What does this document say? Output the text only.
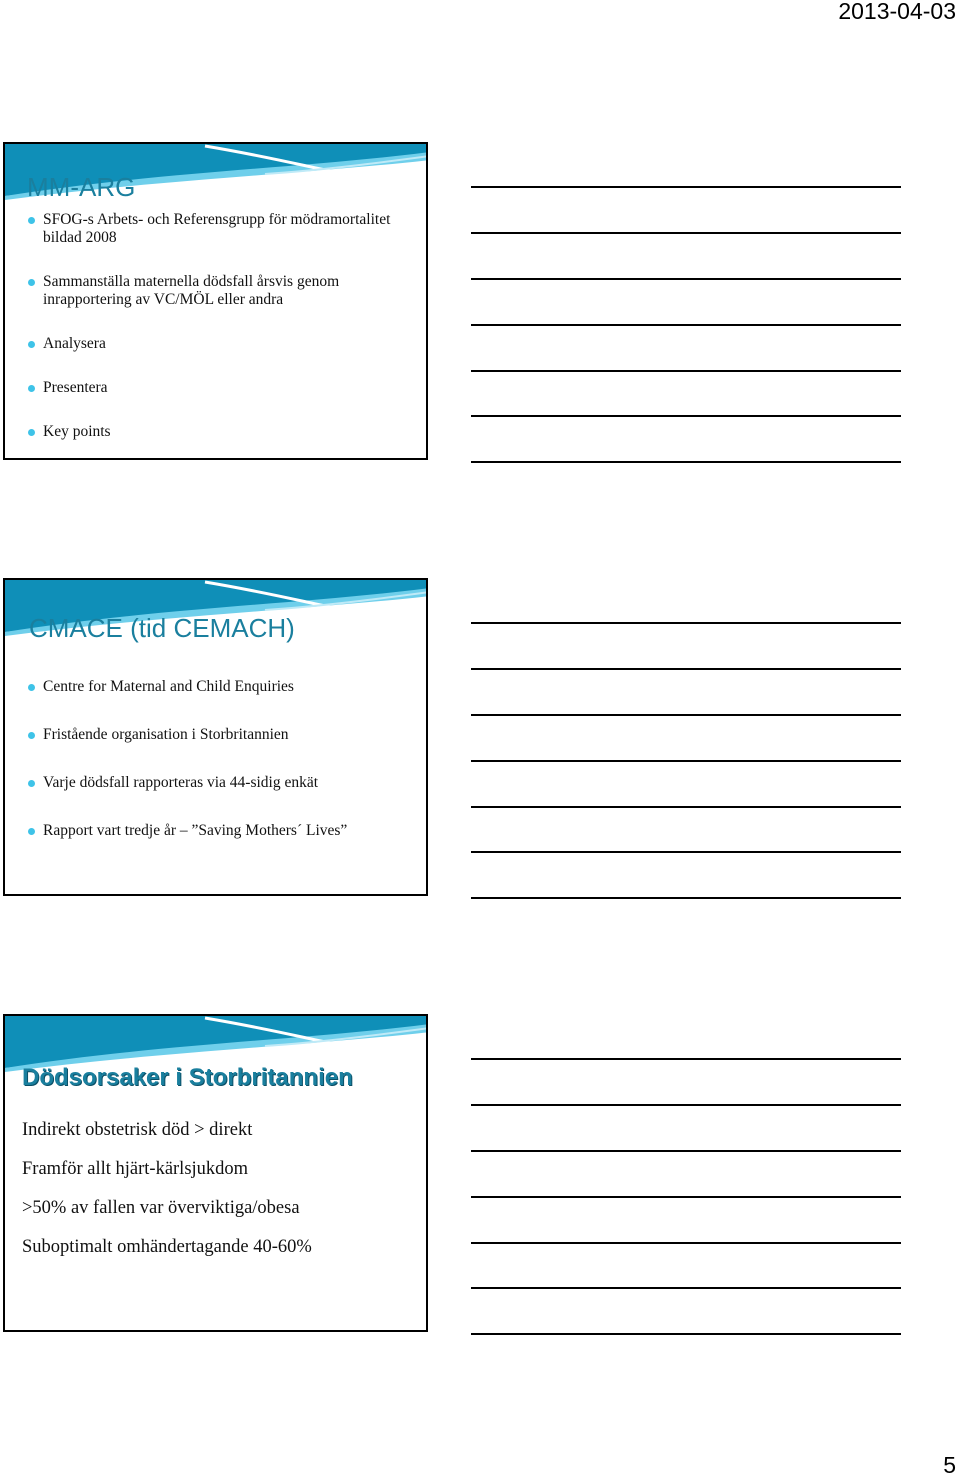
2013-04-03
MM-ARG
SFOG-s Arbets- och Referensgrupp för mödramortalitet bildad 2008
Sammanställa maternella dödsfall årsvis genom inrapportering av VC/MÖL eller andra
Analysera
Presentera
Key points
CMACE (tid CEMACH)
Centre for Maternal and Child Enquiries
Fristående organisation i Storbritannien
Varje dödsfall rapporteras via 44-sidig enkät
Rapport vart tredje år – ”Saving Mothers´ Lives”
Dödsorsaker i Storbritannien
Indirekt obstetrisk död > direkt
Framför allt hjärt-kärlsjukdom
>50% av fallen var överviktiga/obesa
Suboptimalt omhändertagande 40-60%
5
